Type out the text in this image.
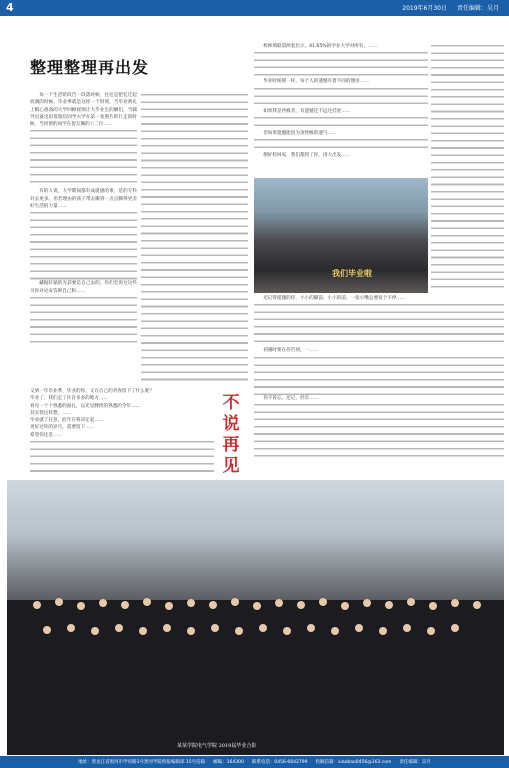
4	2019年6月30日 责任编辑：吴月
整理整理再出发

每一个生活阶段告一段落时候，往往是把忆迁起放满的时候。毕业季就是这样一个时刻，当毕业典礼上帽心准备的大学回顾视频让大毕业生的触们，当辅导员备出旧着旅信同学大学在第一张照片的行走的时候，当同窗的同学在留友佩的上二位……

有的人说，大学期间都有成就感的事，是的专科对去更多。但若理由的孩子带去哪到一点点腾得更差好生活的力量……

藏据轩辕的光彩要是自己去的。你们会说这这些习你对论安答辩自己和……

校师填联第两套层示，41.65%的学业大学对所有，……

毕业时候那一样，每个人的遗憾有着不同的理由……

如果我是拯救者，有遗憾还不远还挂度……

但如果遗憾能因为顶替级的遗气……

倒好检回家，我们都到了你，再大出发……

我们毕业啦
又到一年毕业季，毕业的你，又在自己的青春留下了什么呢？
毕业了，我们走了许许多多的地方……
看见一个个熟悉的面孔，以光是膊拐的熟悉的今年……
其实我这样想，……
毕业就了任意，此年在将决定起……
更好过你的岁月，需要留下……
希望你还是……
不
说
再
见

还记得提题的你，小小的脚前，小小的前，一张小嘴总要说个不停……

初遇时要在你告别，一……

你不曾忘，还记，但有……

某某学院电气学院 2019届毕业合影
地址：黑龙江省黑河市学府路1号黑河学院校报编辑部 15号信箱 邮编：164300 联系电话：0456-6642799 投稿信箱：xiaobao0456@163.com 责任编辑：吴月
